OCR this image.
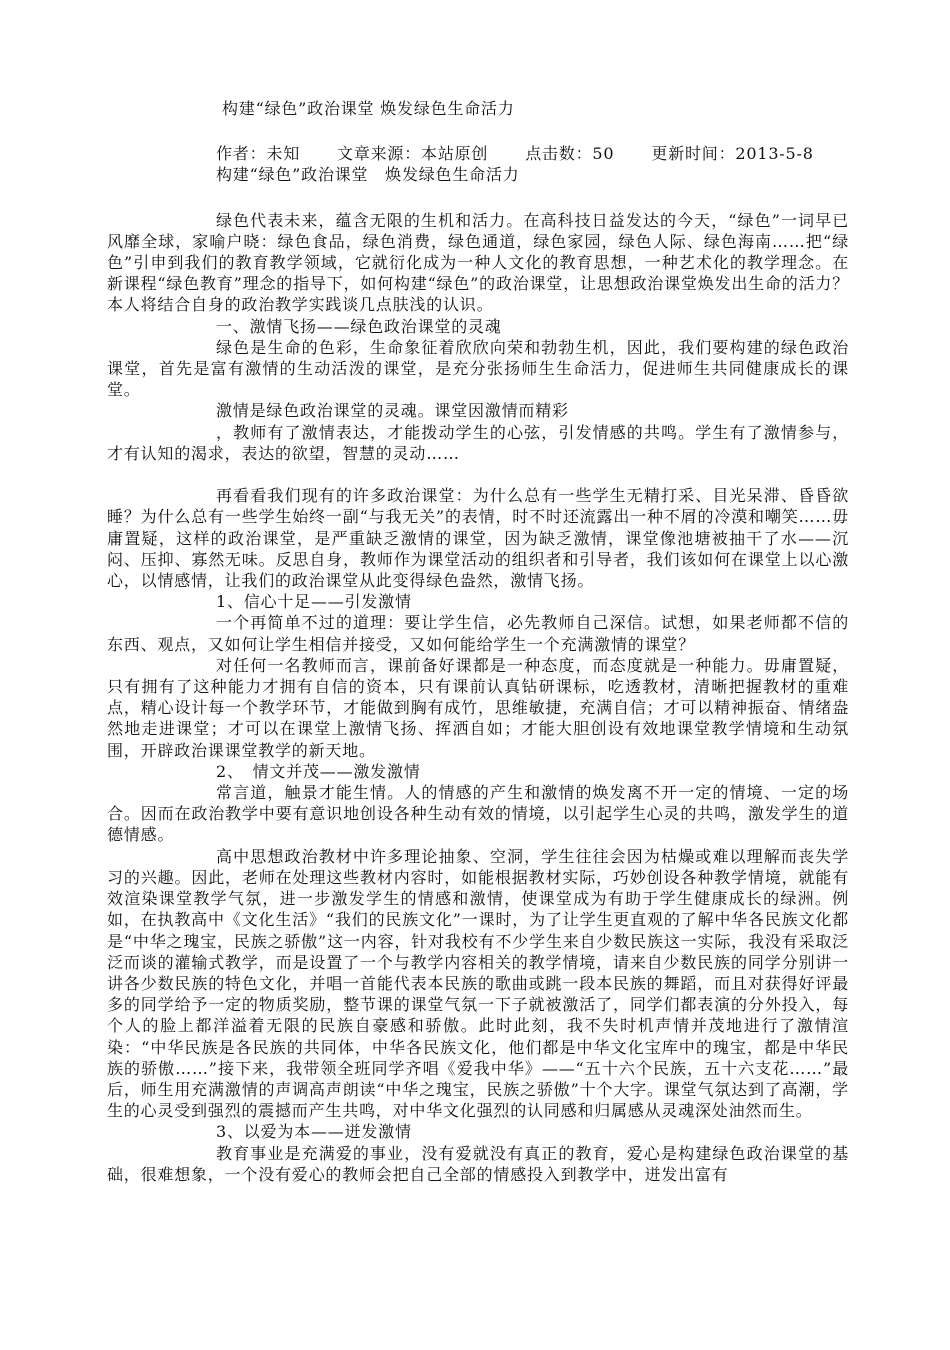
构建“绿色”政治课堂 焕发绿色生命活力

作者：未知 文章来源：本站原创 点击数：50 更新时间：2013-5-8

构建“绿色”政治课堂　焕发绿色生命活力

绿色代表未来，蕴含无限的生机和活力。在高科技日益发达的今天，“绿色”一词早已风靡全球，家喻户晓：绿色食品，绿色消费，绿色通道，绿色家园，绿色人际、绿色海南……把“绿色”引申到我们的教育教学领域，它就衍化成为一种人文化的教育思想，一种艺术化的教学理念。在新课程“绿色教育”理念的指导下，如何构建“绿色”的政治课堂，让思想政治课堂焕发出生命的活力？本人将结合自身的政治教学实践谈几点肤浅的认识。

一、激情飞扬——绿色政治课堂的灵魂

绿色是生命的色彩，生命象征着欣欣向荣和勃勃生机，因此，我们要构建的绿色政治课堂，首先是富有激情的生动活泼的课堂，是充分张扬师生生命活力，促进师生共同健康成长的课堂。

激情是绿色政治课堂的灵魂。课堂因激情而精彩

，教师有了激情表达，才能拨动学生的心弦，引发情感的共鸣。学生有了激情参与，才有认知的渴求，表达的欲望，智慧的灵动……

再看看我们现有的许多政治课堂：为什么总有一些学生无精打采、目光呆滞、昏昏欲睡？为什么总有一些学生始终一副“与我无关”的表情，时不时还流露出一种不屑的冷漠和嘲笑……毋庸置疑，这样的政治课堂，是严重缺乏激情的课堂，因为缺乏激情，课堂像池塘被抽干了水——沉闷、压抑、寡然无味。反思自身，教师作为课堂活动的组织者和引导者，我们该如何在课堂上以心激心，以情感情，让我们的政治课堂从此变得绿色盎然，激情飞扬。

1、信心十足——引发激情

一个再简单不过的道理：要让学生信，必先教师自己深信。试想，如果老师都不信的东西、观点，又如何让学生相信并接受，又如何能给学生一个充满激情的课堂？

对任何一名教师而言，课前备好课都是一种态度，而态度就是一种能力。毋庸置疑，只有拥有了这种能力才拥有自信的资本，只有课前认真钻研课标，吃透教材，清晰把握教材的重难点，精心设计每一个教学环节，才能做到胸有成竹，思维敏捷，充满自信；才可以精神振奋、情绪盎然地走进课堂；才可以在课堂上激情飞扬、挥洒自如；才能大胆创设有效地课堂教学情境和生动氛围，开辟政治课课堂教学的新天地。

2、　情文并茂——激发激情

常言道，触景才能生情。人的情感的产生和激情的焕发离不开一定的情境、一定的场合。因而在政治教学中要有意识地创设各种生动有效的情境，以引起学生心灵的共鸣，激发学生的道德情感。

高中思想政治教材中许多理论抽象、空洞，学生往往会因为枯燥或难以理解而丧失学习的兴趣。因此，老师在处理这些教材内容时，如能根据教材实际，巧妙创设各种教学情境，就能有效渲染课堂教学气氛，进一步激发学生的情感和激情，使课堂成为有助于学生健康成长的绿洲。例如，在执教高中《文化生活》“我们的民族文化”一课时，为了让学生更直观的了解中华各民族文化都是“中华之瑰宝，民族之骄傲”这一内容，针对我校有不少学生来自少数民族这一实际，我没有采取泛泛而谈的灌输式教学，而是设置了一个与教学内容相关的教学情境，请来自少数民族的同学分别讲一讲各少数民族的特色文化，并唱一首能代表本民族的歌曲或跳一段本民族的舞蹈，而且对获得好评最多的同学给予一定的物质奖励，整节课的课堂气氛一下子就被激活了，同学们都表演的分外投入，每个人的脸上都洋溢着无限的民族自豪感和骄傲。此时此刻，我不失时机声情并茂地进行了激情渲染：“中华民族是各民族的共同体，中华各民族文化，他们都是中华文化宝库中的瑰宝，都是中华民族的骄傲……”接下来，我带领全班同学齐唱《爱我中华》——“五十六个民族，五十六支花……”最后，师生用充满激情的声调高声朗读“中华之瑰宝，民族之骄傲”十个大字。课堂气氛达到了高潮，学生的心灵受到强烈的震撼而产生共鸣，对中华文化强烈的认同感和归属感从灵魂深处油然而生。

3、以爱为本——迸发激情

教育事业是充满爱的事业，没有爱就没有真正的教育，爱心是构建绿色政治课堂的基础，很难想象，一个没有爱心的教师会把自己全部的情感投入到教学中，迸发出富有
